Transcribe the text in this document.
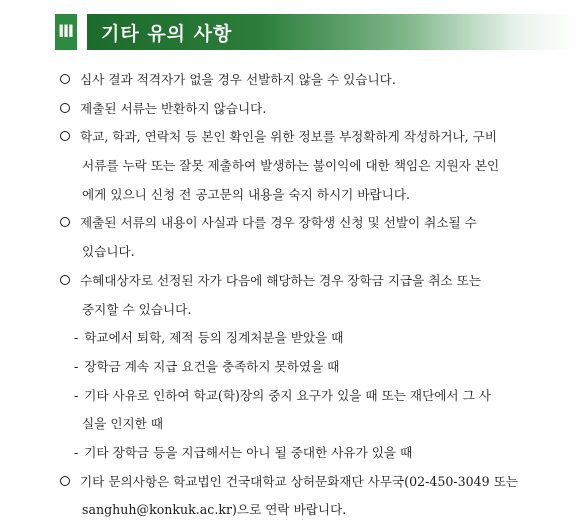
Ⅲ 기타 유의 사항
심사 결과 적격자가 없을 경우 선발하지 않을 수 있습니다.
제출된 서류는 반환하지 않습니다.
학교, 학과, 연락처 등 본인 확인을 위한 정보를 부정확하게 작성하거나, 구비
서류를 누락 또는 잘못 제출하여 발생하는 불이익에 대한 책임은 지원자 본인
에게 있으니 신청 전 공고문의 내용을 숙지 하시기 바랍니다.
제출된 서류의 내용이 사실과 다를 경우 장학생 신청 및 선발이 취소될 수
있습니다.
수혜대상자로 선정된 자가 다음에 해당하는 경우 장학금 지급을 취소 또는
중지할 수 있습니다.
- 학교에서 퇴학, 제적 등의 징계처분을 받았을 때
- 장학금 계속 지급 요건을 충족하지 못하였을 때
- 기타 사유로 인하여 학교(학)장의 중지 요구가 있을 때 또는 재단에서 그 사
실을 인지한 때
- 기타 장학금 등을 지급해서는 아니 될 중대한 사유가 있을 때
기타 문의사항은 학교법인 건국대학교 상허문화재단 사무국(02-450-3049 또는
sanghuh@konkuk.ac.kr)으로 연락 바랍니다.
